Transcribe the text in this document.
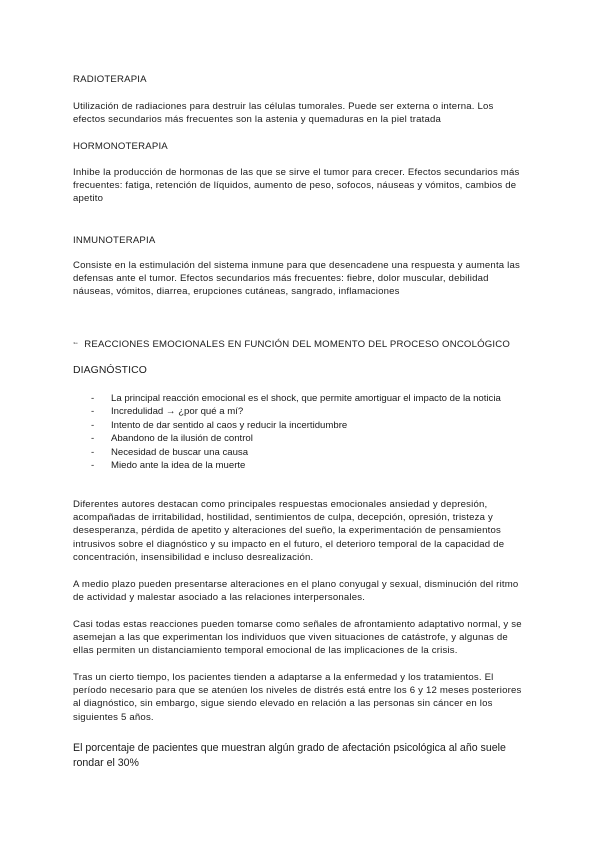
RADIOTERAPIA

Utilización de radiaciones para destruir las células tumorales. Puede ser externa o interna. Los efectos secundarios más frecuentes son la astenia y quemaduras en la piel tratada

HORMONOTERAPIA

Inhibe la producción de hormonas de las que se sirve el tumor para crecer. Efectos secundarios más frecuentes: fatiga, retención de líquidos, aumento de peso, sofocos, náuseas y vómitos, cambios de apetito

INMUNOTERAPIA

Consiste en la estimulación del sistema inmune para que desencadene una respuesta y aumenta las defensas ante el tumor. Efectos secundarios más frecuentes: fiebre, dolor muscular, debilidad náuseas, vómitos, diarrea, erupciones cutáneas, sangrado, inflamaciones

➳ REACCIONES EMOCIONALES EN FUNCIÓN DEL MOMENTO DEL PROCESO ONCOLÓGICO

DIAGNÓSTICO

- La principal reacción emocional es el shock, que permite amortiguar el impacto de la noticia
- Incredulidad → ¿por qué a mí?
- Intento de dar sentido al caos y reducir la incertidumbre
- Abandono de la ilusión de control
- Necesidad de buscar una causa
- Miedo ante la idea de la muerte

Diferentes autores destacan como principales respuestas emocionales ansiedad y depresión, acompañadas de irritabilidad, hostilidad, sentimientos de culpa, decepción, opresión, tristeza y desesperanza, pérdida de apetito y alteraciones del sueño, la experimentación de pensamientos intrusivos sobre el diagnóstico y su impacto en el futuro, el deterioro temporal de la capacidad de concentración, insensibilidad e incluso desrealización.

A medio plazo pueden presentarse alteraciones en el plano conyugal y sexual, disminución del ritmo de actividad y malestar asociado a las relaciones interpersonales.

Casi todas estas reacciones pueden tomarse como señales de afrontamiento adaptativo normal, y se asemejan a las que experimentan los individuos que viven situaciones de catástrofe, y algunas de ellas permiten un distanciamiento temporal emocional de las implicaciones de la crisis.

Tras un cierto tiempo, los pacientes tienden a adaptarse a la enfermedad y los tratamientos. El período necesario para que se atenúen los niveles de distrés está entre los 6 y 12 meses posteriores al diagnóstico, sin embargo, sigue siendo elevado en relación a las personas sin cáncer en los siguientes 5 años.

El porcentaje de pacientes que muestran algún grado de afectación psicológica al año suele
rondar el 30%
